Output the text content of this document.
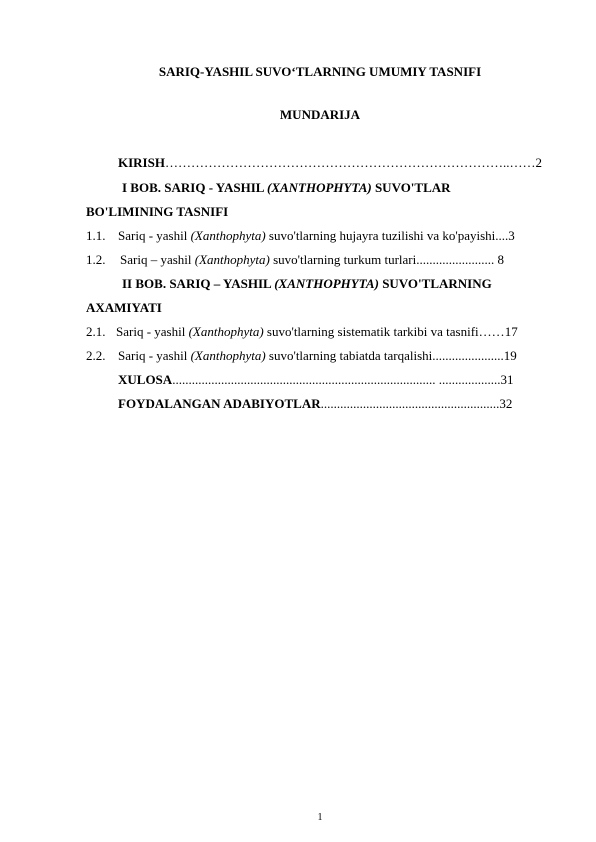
SARIQ-YASHIL SUVO‘TLARNING UMUMIY TASNIFI
MUNDARIJA
KIRISH……………………………………………………………………..……2
I BOB. SARIQ - YASHIL (XANTHOPHYTA) SUVO'TLAR
BO'LIMINING TASNIFI
1.1. Sariq - yashil (Xanthophyta) suvo'tlarning hujayra tuzilishi va ko'payishi....3
1.2. Sariq – yashil (Xanthophyta) suvo'tlarning turkum turlari........................ 8
II BOB. SARIQ – YASHIL (XANTHOPHYTA) SUVO'TLARNING
AXAMIYATI
2.1. Sariq - yashil (Xanthophyta) suvo'tlarning sistematik tarkibi va tasnifi……17
2.2. Sariq - yashil (Xanthophyta) suvo'tlarning tabiatda tarqalishi......................19
XULOSA................................................................................. ...................31
FOYDALANGAN ADABIYOTLAR.......................................................32
1
